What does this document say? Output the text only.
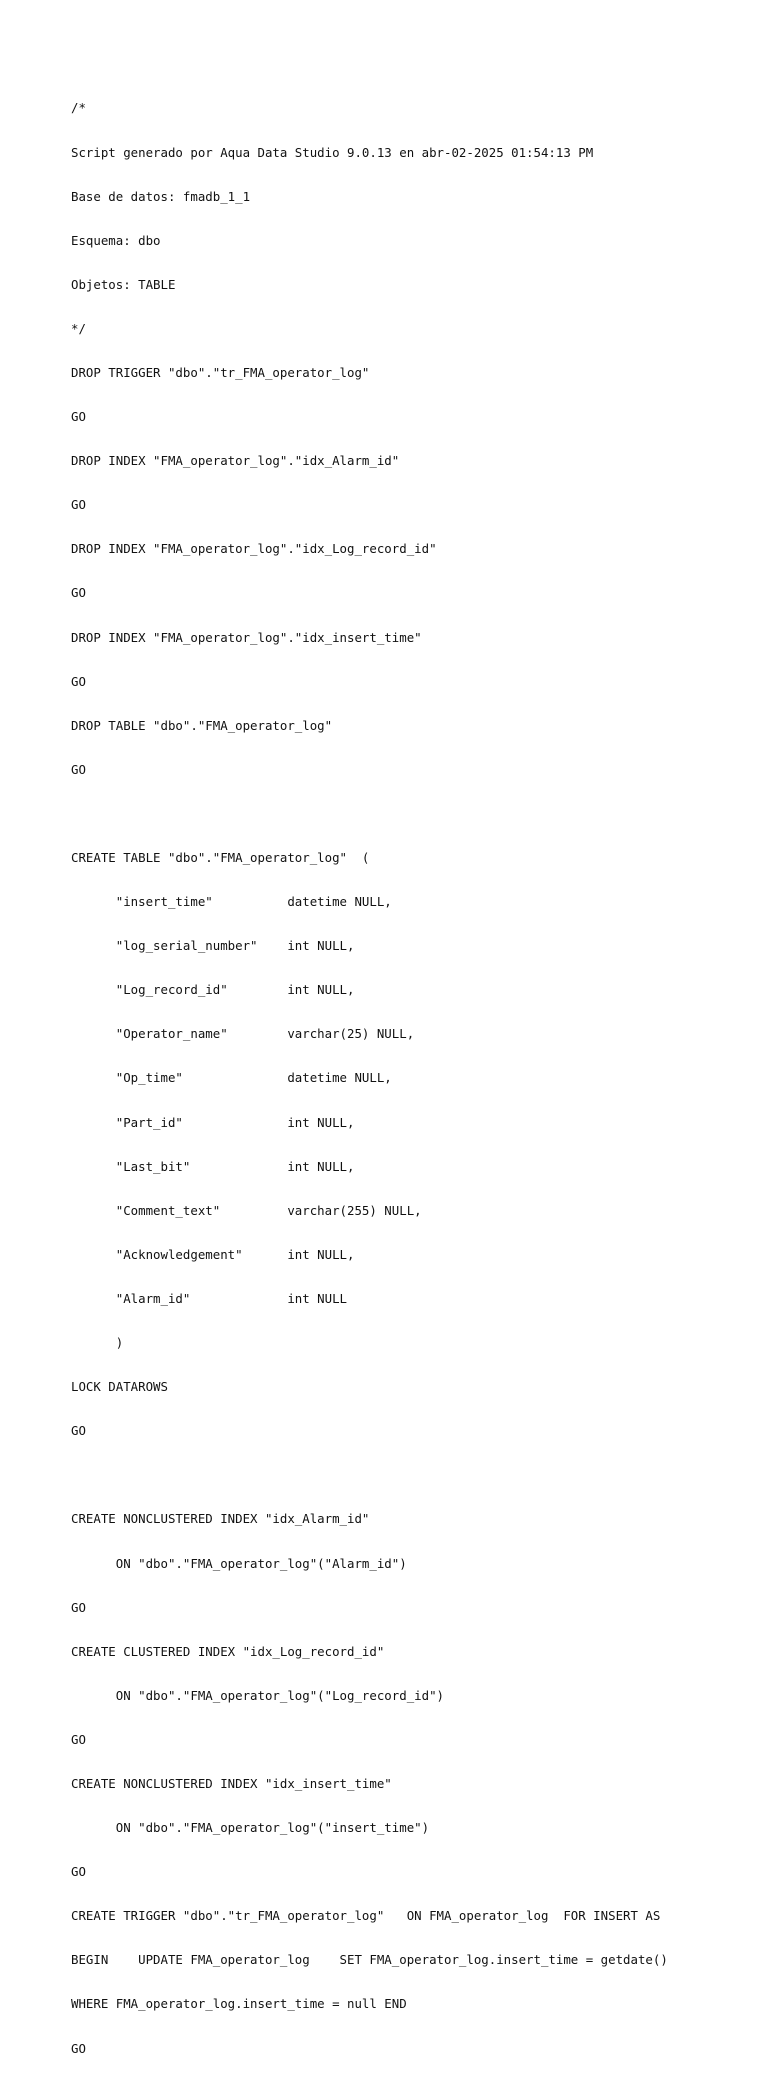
/*

Script generado por Aqua Data Studio 9.0.13 en abr-02-2025 01:54:13 PM

Base de datos: fmadb_1_1

Esquema: dbo

Objetos: TABLE

*/

DROP TRIGGER "dbo"."tr_FMA_operator_log"

GO

DROP INDEX "FMA_operator_log"."idx_Alarm_id"

GO

DROP INDEX "FMA_operator_log"."idx_Log_record_id"

GO

DROP INDEX "FMA_operator_log"."idx_insert_time"

GO

DROP TABLE "dbo"."FMA_operator_log"

GO

CREATE TABLE "dbo"."FMA_operator_log"  (

"insert_time"          datetime NULL,

"log_serial_number"    int NULL,

"Log_record_id"        int NULL,

"Operator_name"        varchar(25) NULL,

"Op_time"              datetime NULL,

"Part_id"              int NULL,

"Last_bit"             int NULL,

"Comment_text"         varchar(255) NULL,

"Acknowledgement"      int NULL,

"Alarm_id"             int NULL

)

LOCK DATAROWS

GO

CREATE NONCLUSTERED INDEX "idx_Alarm_id"

ON "dbo"."FMA_operator_log"("Alarm_id")

GO

CREATE CLUSTERED INDEX "idx_Log_record_id"

ON "dbo"."FMA_operator_log"("Log_record_id")

GO

CREATE NONCLUSTERED INDEX "idx_insert_time"

ON "dbo"."FMA_operator_log"("insert_time")

GO

CREATE TRIGGER "dbo"."tr_FMA_operator_log"   ON FMA_operator_log  FOR INSERT AS

BEGIN    UPDATE FMA_operator_log    SET FMA_operator_log.insert_time = getdate()

WHERE FMA_operator_log.insert_time = null END

GO
